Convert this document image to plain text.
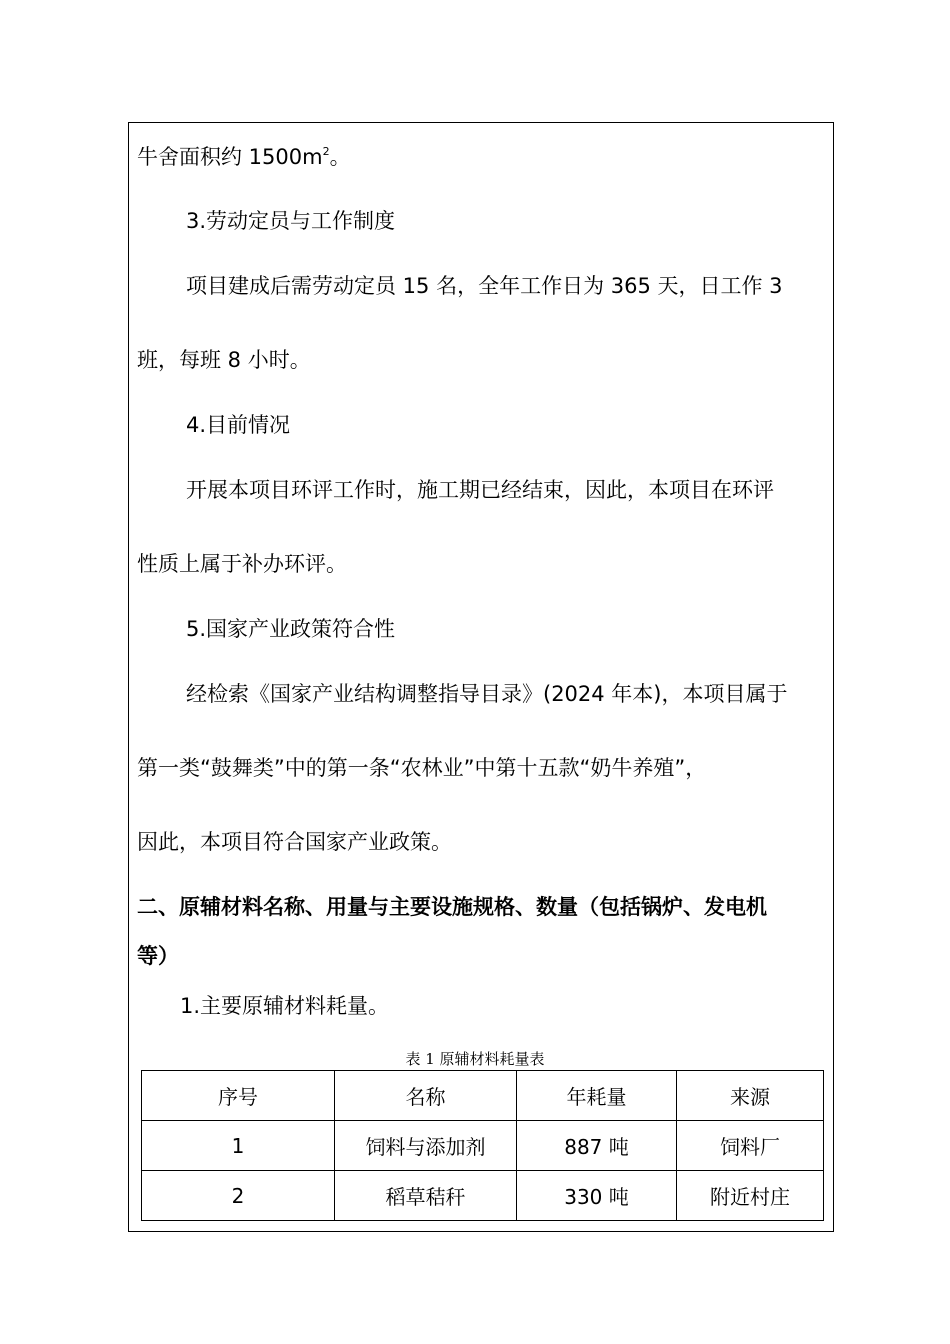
牛舍面积约 $1500m^2$。
3.劳动定员与工作制度
项目建成后需劳动定员 15 名，全年工作日为 365 天，日工作 3
班，每班 8 小时。
4.目前情况
开展本项目环评工作时，施工期已经结束，因此，本项目在环评
性质上属于补办环评。
5.国家产业政策符合性
经检索《国家产业结构调整指导目录》(2024 年本)，本项目属于
第一类“鼓舞类”中的第一条“农林业”中第十五款“奶牛养殖”，
因此，本项目符合国家产业政策。
二、原辅材料名称、用量与主要设施规格、数量（包括锅炉、发电机
等）
1.主要原辅材料耗量。
表 1 原辅材料耗量表
序号	名称	年耗量	来源
1	饲料与添加剂	887 吨	饲料厂
2	稻草秸秆	330 吨	附近村庄
